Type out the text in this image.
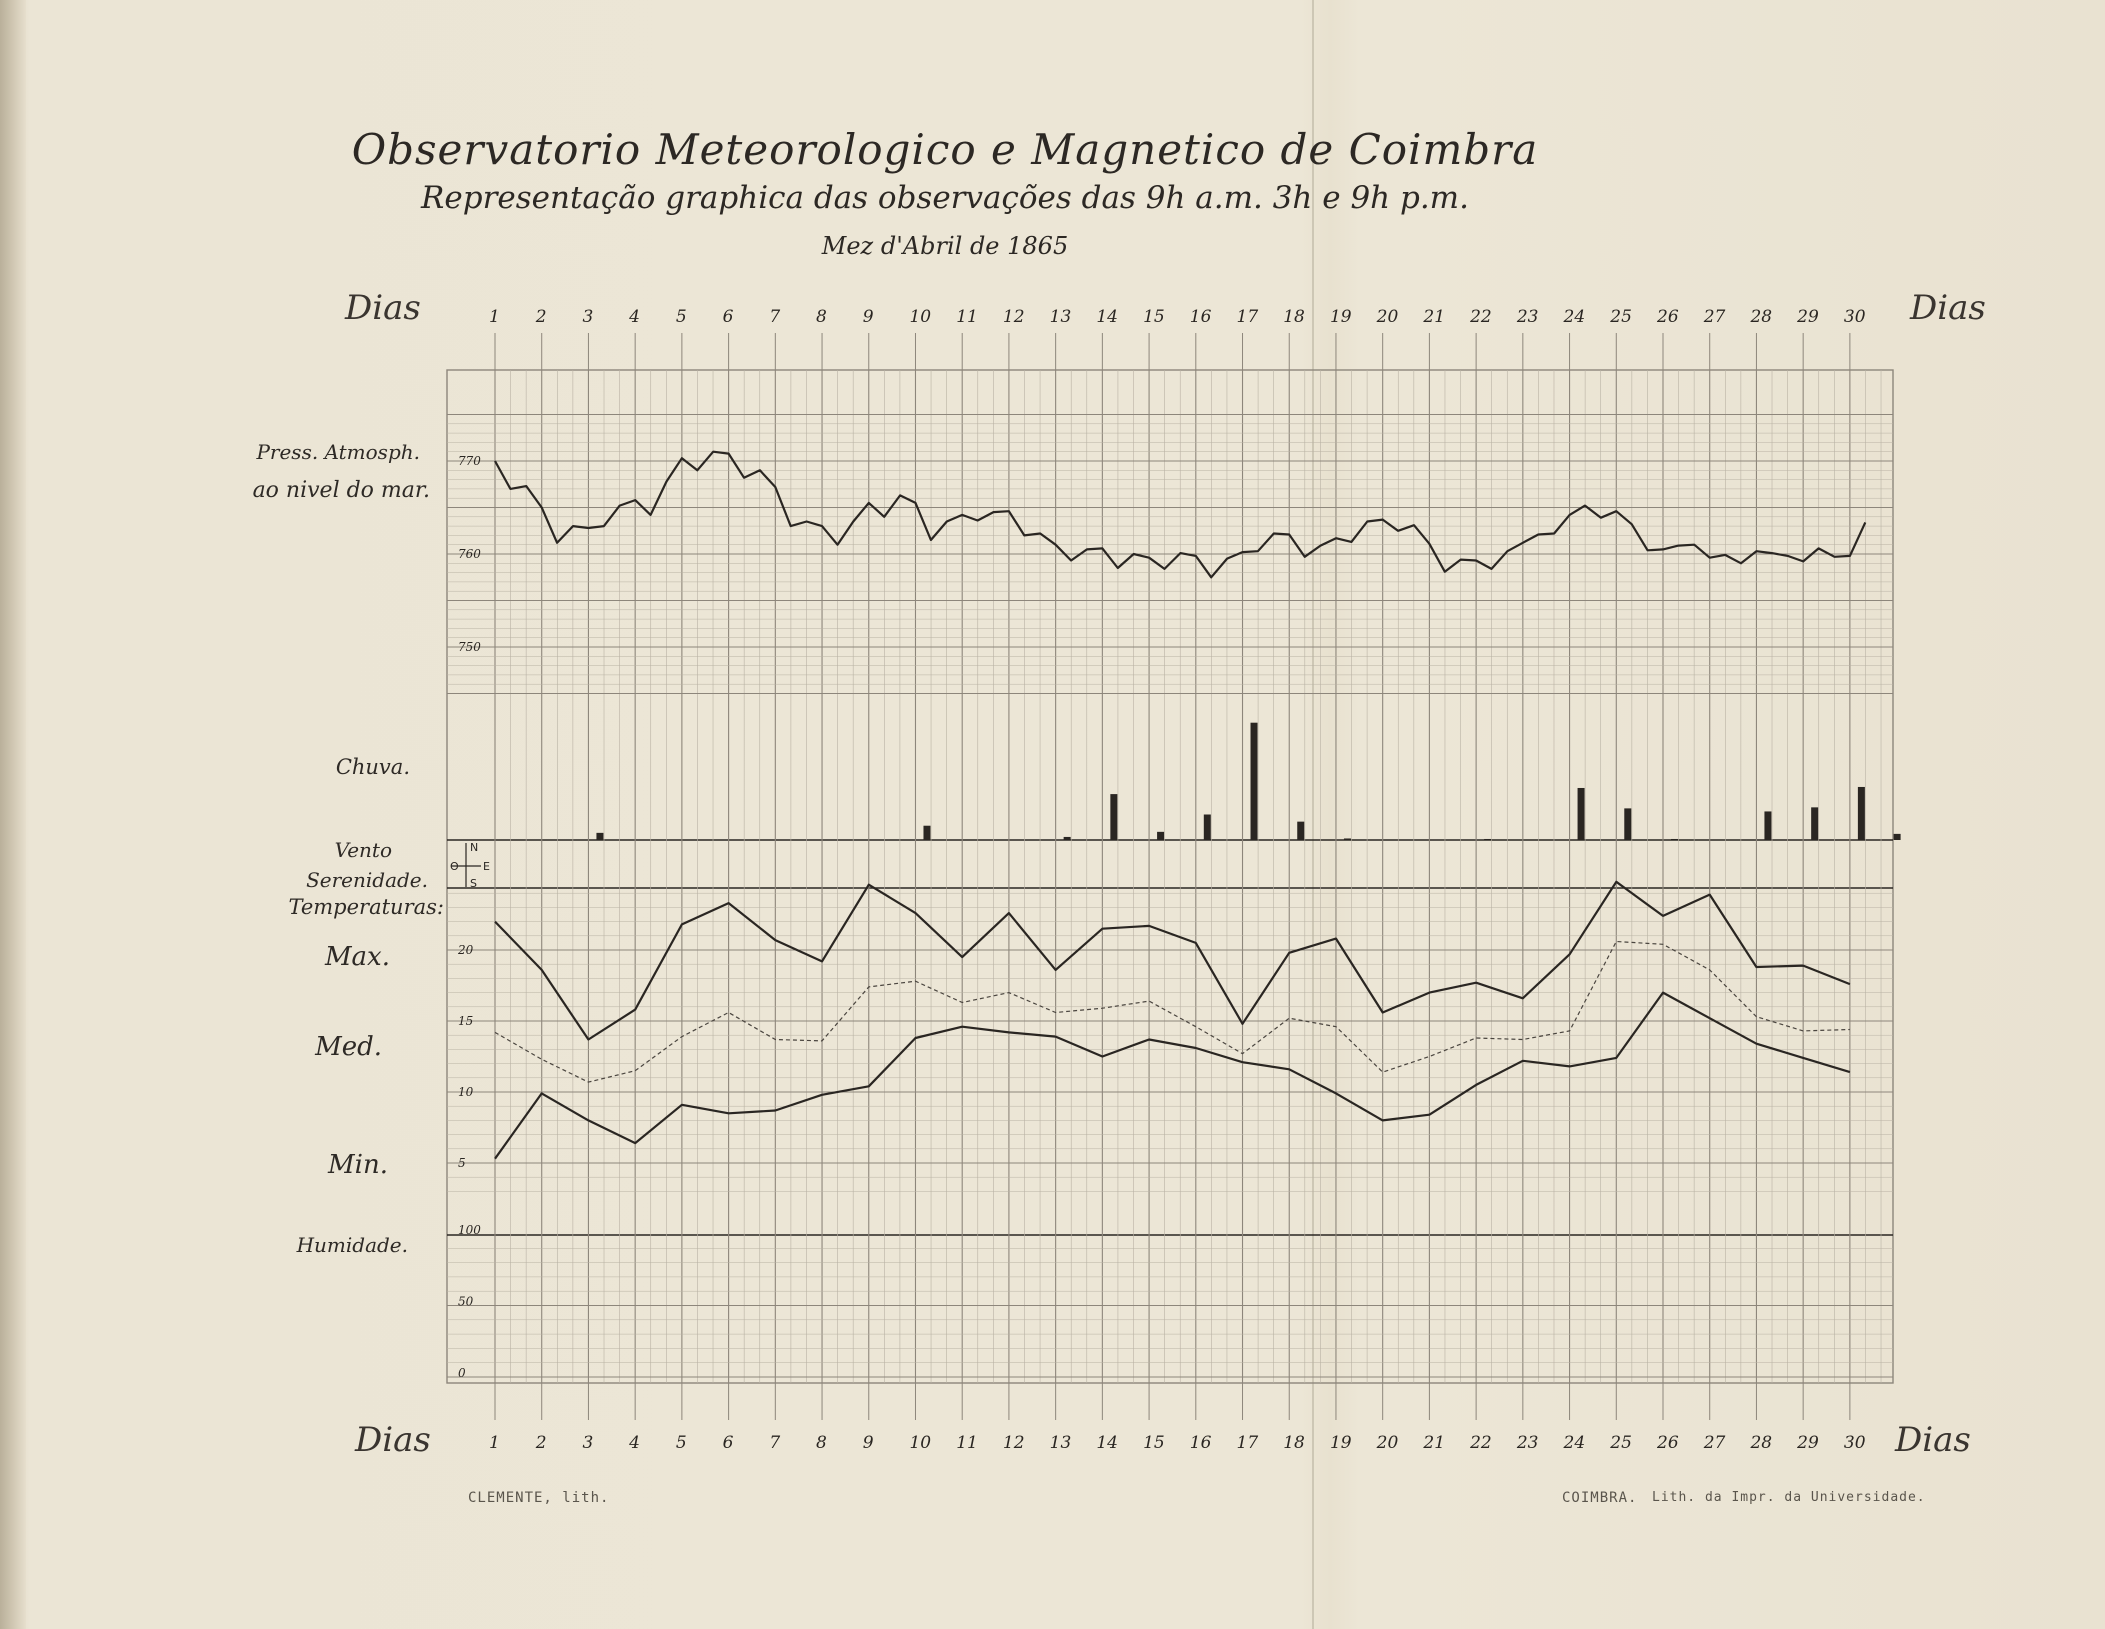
Observatorio Meteorologico e Magnetico de Coimbra
Representação graphica das observações das 9h a.m. 3h e 9h p.m.
Mez d'Abril de 1865
Dias	Dias
Dias	Dias
Press. Atmosph.
ao nivel do mar.
Chuva.
Vento
Serenidade.
Temperaturas:
Max.
Med.
Min.
Humidade.
CLEMENTE, lith.	COIMBRA. Lith. da Impr. da Universidade.
1
1
2
2
3
3
4
4
5
5
6
6
7
7
8
8
9
9
10
10
11
11
12
12
13
13
14
14
15
15
16
16
17
17
18
18
19
19
20
20
21
21
22
22
23
23
24
24
25
25
26
26
27
27
28
28
29
29
30
30
750
760
770
5
10
15
20
0
50
100
N
S
E
O
